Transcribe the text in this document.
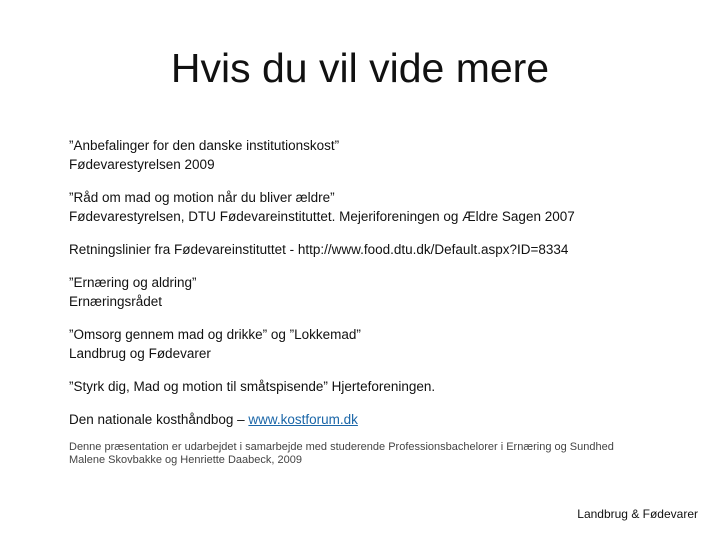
Hvis du vil vide mere
”Anbefalinger for den danske institutionskost”
Fødevarestyrelsen 2009
”Råd om mad og motion når du bliver ældre”
Fødevarestyrelsen, DTU Fødevareinstituttet. Mejeriforeningen og Ældre Sagen 2007
Retningslinier fra Fødevareinstituttet - http://www.food.dtu.dk/Default.aspx?ID=8334
”Ernæring og aldring”
Ernæringsrådet
”Omsorg gennem mad og drikke” og ”Lokkemad”
Landbrug og Fødevarer
”Styrk dig, Mad og motion til småtspisende” Hjerteforeningen.
Den nationale kosthåndbog – www.kostforum.dk
Denne præsentation er udarbejdet i samarbejde med studerende Professionsbachelorer i Ernæring og Sundhed
Malene Skovbakke og Henriette Daabeck, 2009
Landbrug & Fødevarer
